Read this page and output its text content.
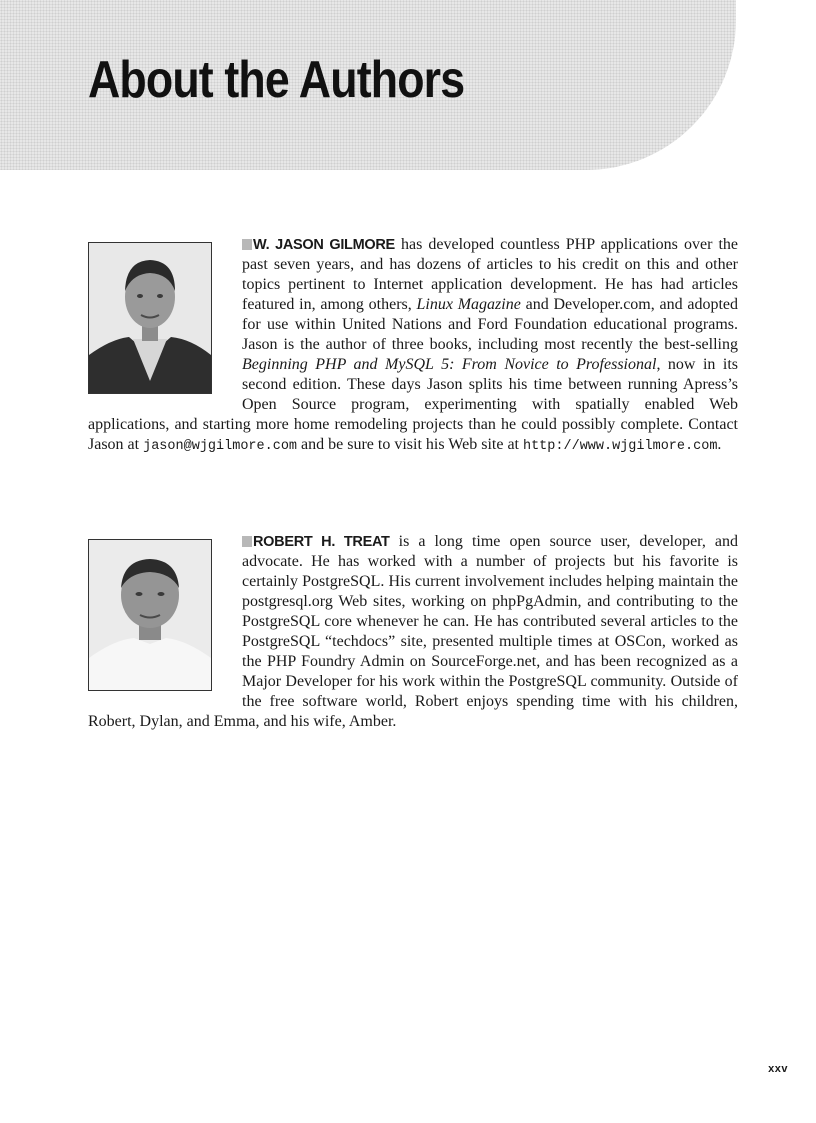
About the Authors

W. JASON GILMORE has developed countless PHP applications over the past seven years, and has dozens of articles to his credit on this and other topics pertinent to Internet application development. He has had articles featured in, among others, Linux Magazine and Developer.com, and adopted for use within United Nations and Ford Foundation educational programs. Jason is the author of three books, including most recently the best-selling Beginning PHP and MySQL 5: From Novice to Professional, now in its second edition. These days Jason splits his time between running Apress’s Open Source program, experimenting with spatially enabled Web applications, and starting more home remodeling projects than he could possibly complete. Contact Jason at jason@wjgilmore.com and be sure to visit his Web site at http://www.wjgilmore.com.

ROBERT H. TREAT is a long time open source user, developer, and advocate. He has worked with a number of projects but his favorite is certainly PostgreSQL. His current involvement includes helping maintain the postgresql.org Web sites, working on phpPgAdmin, and contributing to the PostgreSQL core whenever he can. He has contributed several articles to the PostgreSQL “techdocs” site, presented multiple times at OSCon, worked as the PHP Foundry Admin on SourceForge.net, and has been recognized as a Major Developer for his work within the PostgreSQL community. Outside of the free software world, Robert enjoys spending time with his children, Robert, Dylan, and Emma, and his wife, Amber.

xxv
